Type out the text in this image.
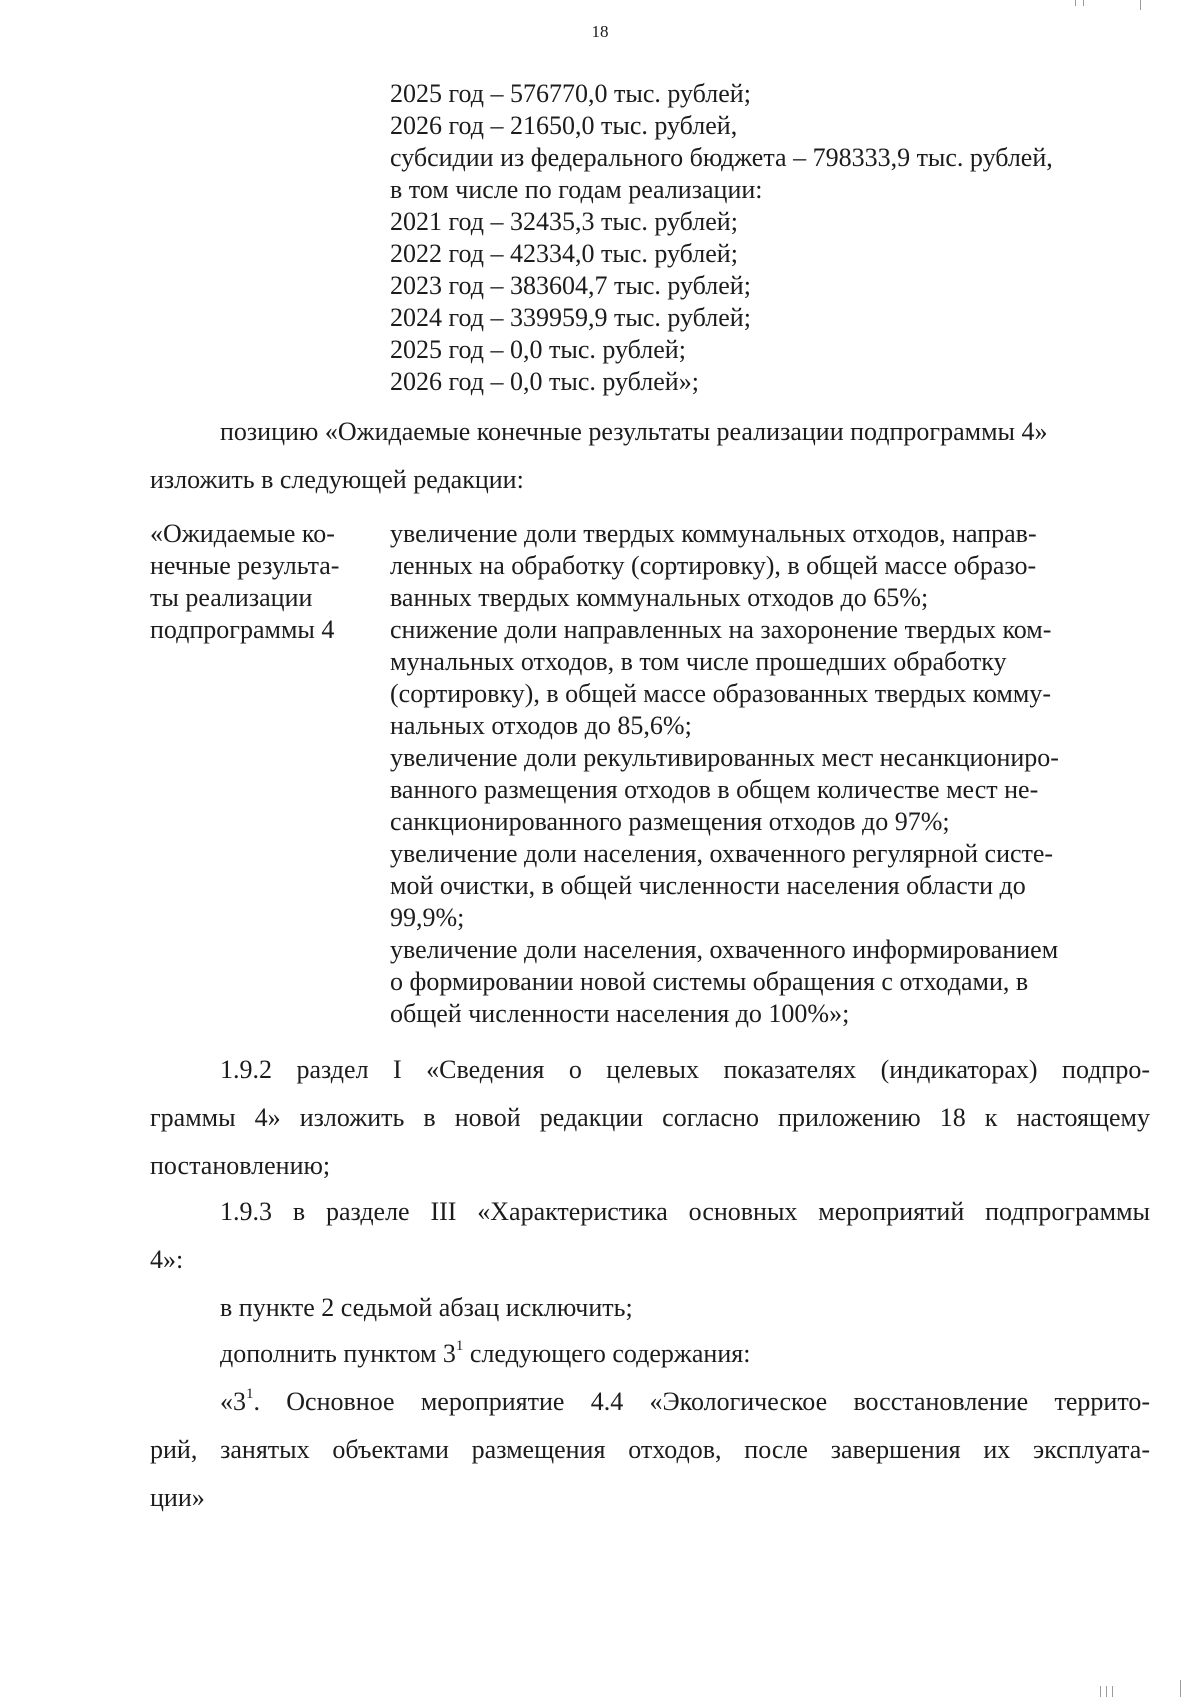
18
2025 год – 576770,0 тыс. рублей;
2026 год – 21650,0 тыс. рублей,
субсидии из федерального бюджета – 798333,9 тыс. рублей,
в том числе по годам реализации:
2021 год – 32435,3 тыс. рублей;
2022 год – 42334,0 тыс. рублей;
2023 год – 383604,7 тыс. рублей;
2024 год – 339959,9 тыс. рублей;
2025 год – 0,0 тыс. рублей;
2026 год – 0,0 тыс. рублей»;
позицию «Ожидаемые конечные результаты реализации подпрограммы 4»
изложить в следующей редакции:
«Ожидаемые ко-
нечные результа-
ты реализации
подпрограммы 4
увеличение доли твердых коммунальных отходов, направ-
ленных на обработку (сортировку), в общей массе образо-
ванных твердых коммунальных отходов до 65%;
снижение доли направленных на захоронение твердых ком-
мунальных отходов, в том числе прошедших обработку
(сортировку), в общей массе образованных твердых комму-
нальных отходов до 85,6%;
увеличение доли рекультивированных мест несанкциониро-
ванного размещения отходов в общем количестве мест не-
санкционированного размещения отходов до 97%;
увеличение доли населения, охваченного регулярной систе-
мой очистки, в общей численности населения области до
99,9%;
увеличение доли населения, охваченного информированием
о формировании новой системы обращения с отходами, в
общей численности населения до 100%»;
1.9.2 раздел I «Сведения о целевых показателях (индикаторах) подпро-
граммы 4» изложить в новой редакции согласно приложению 18 к настоящему
постановлению;
1.9.3 в разделе III «Характеристика основных мероприятий подпрограммы
4»:
в пункте 2 седьмой абзац исключить;
дополнить пунктом $3^1$ следующего содержания:
«$3^1$. Основное мероприятие 4.4 «Экологическое восстановление террито-
рий, занятых объектами размещения отходов, после завершения их эксплуата-
ции»
